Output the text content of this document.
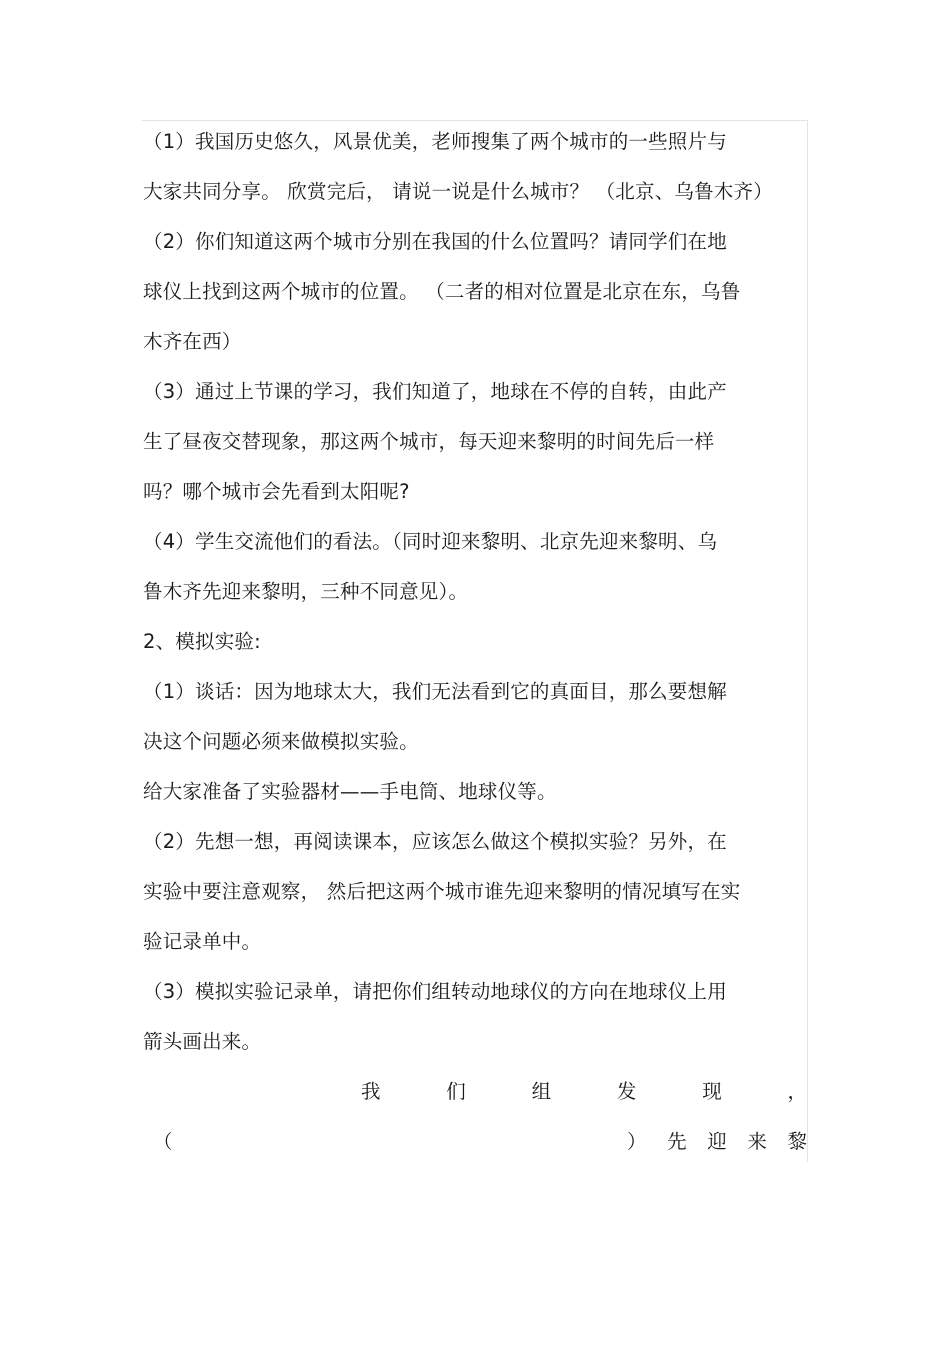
（1）我国历史悠久，风景优美，老师搜集了两个城市的一些照片与
大家共同分享。 欣赏完后， 请说一说是什么城市？ （北京、乌鲁木齐）
（2）你们知道这两个城市分别在我国的什么位置吗？请同学们在地
球仪上找到这两个城市的位置。 （二者的相对位置是北京在东，乌鲁
木齐在西）
（3）通过上节课的学习，我们知道了，地球在不停的自转，由此产
生了昼夜交替现象，那这两个城市，每天迎来黎明的时间先后一样
吗？哪个城市会先看到太阳呢?
（4）学生交流他们的看法。（同时迎来黎明、北京先迎来黎明、乌
鲁木齐先迎来黎明，三种不同意见）。
2、模拟实验:
（1）谈话：因为地球太大，我们无法看到它的真面目，那么要想解
决这个问题必须来做模拟实验。
给大家准备了实验器材——手电筒、地球仪等。
（2）先想一想，再阅读课本，应该怎么做这个模拟实验？另外，在
实验中要注意观察， 然后把这两个城市谁先迎来黎明的情况填写在实
验记录单中。
（3）模拟实验记录单，请把你们组转动地球仪的方向在地球仪上用
箭头画出来。
我	们	组	发	现	，
（	） 先 迎 来 黎
